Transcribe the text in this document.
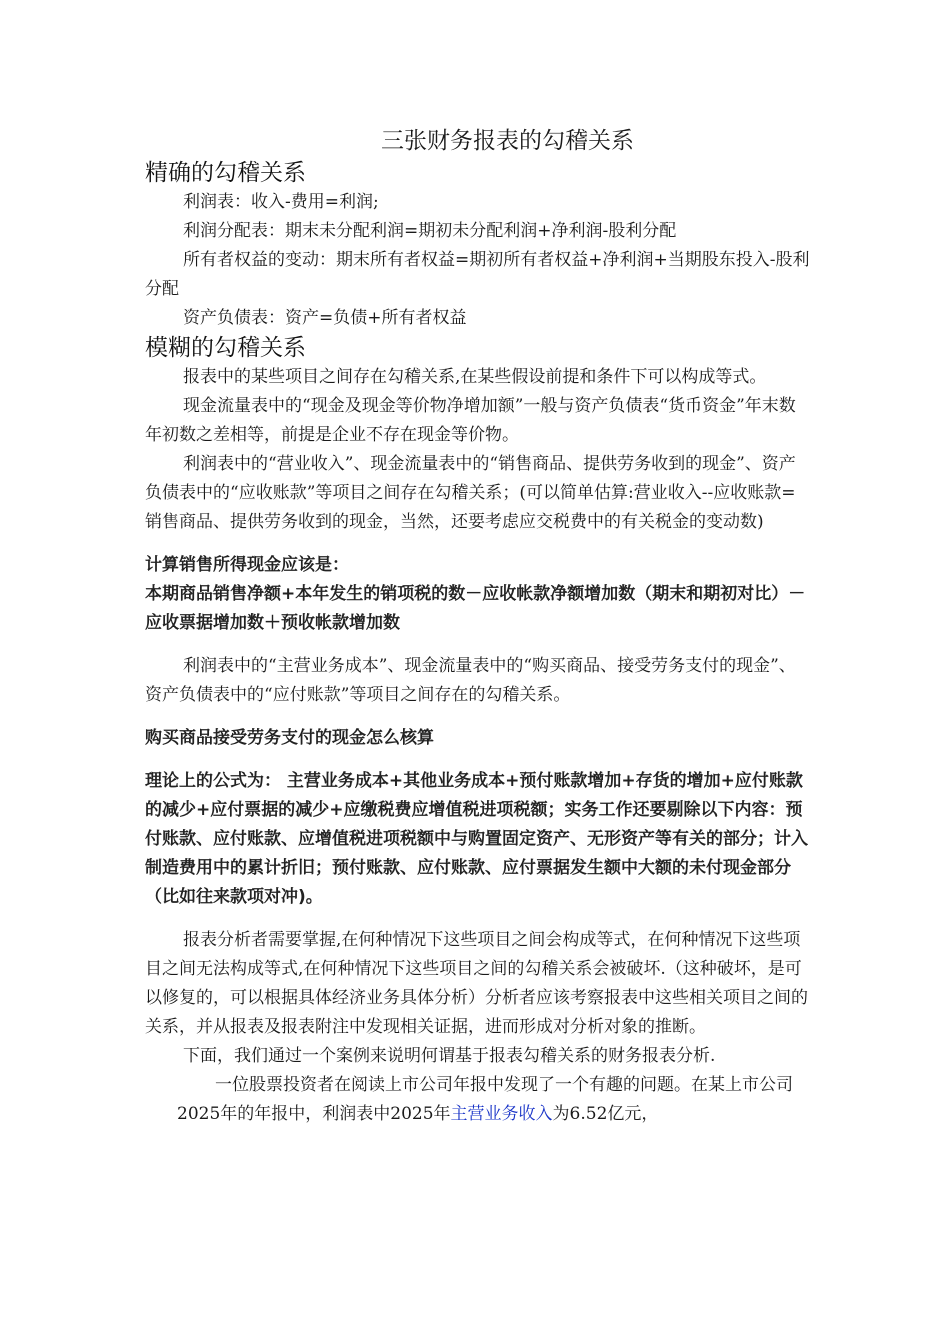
三张财务报表的勾稽关系
精确的勾稽关系

利润表：收入-费用=利润;

利润分配表：期末未分配利润=期初未分配利润+净利润-股利分配

所有者权益的变动：期末所有者权益=期初所有者权益+净利润+当期股东投入-股利分配

资产负债表：资产=负债+所有者权益

模糊的勾稽关系

报表中的某些项目之间存在勾稽关系,在某些假设前提和条件下可以构成等式。

现金流量表中的“现金及现金等价物净增加额”一般与资产负债表“货币资金”年末数年初数之差相等，前提是企业不存在现金等价物。

利润表中的“营业收入”、现金流量表中的“销售商品、提供劳务收到的现金”、资产负债表中的“应收账款”等项目之间存在勾稽关系；(可以简单估算:营业收入--应收账款=销售商品、提供劳务收到的现金，当然，还要考虑应交税费中的有关税金的变动数)

计算销售所得现金应该是：

本期商品销售净额+本年发生的销项税的数－应收帐款净额增加数（期末和期初对比）－应收票据增加数＋预收帐款增加数

利润表中的“主营业务成本”、现金流量表中的“购买商品、接受劳务支付的现金”、资产负债表中的“应付账款”等项目之间存在的勾稽关系。

购买商品接受劳务支付的现金怎么核算

理论上的公式为： 主营业务成本+其他业务成本+预付账款增加+存货的增加+应付账款的减少+应付票据的减少+应缴税费应增值税进项税额；实务工作还要剔除以下内容：预付账款、应付账款、应增值税进项税额中与购置固定资产、无形资产等有关的部分；计入制造费用中的累计折旧；预付账款、应付账款、应付票据发生额中大额的未付现金部分（比如往来款项对冲)。

报表分析者需要掌握,在何种情况下这些项目之间会构成等式，在何种情况下这些项目之间无法构成等式,在何种情况下这些项目之间的勾稽关系会被破坏.（这种破坏，是可以修复的，可以根据具体经济业务具体分析）分析者应该考察报表中这些相关项目之间的关系，并从报表及报表附注中发现相关证据，进而形成对分析对象的推断。

下面，我们通过一个案例来说明何谓基于报表勾稽关系的财务报表分析.

一位股票投资者在阅读上市公司年报中发现了一个有趣的问题。在某上市公司2025年的年报中，利润表中2025年主营业务收入为6.52亿元，
